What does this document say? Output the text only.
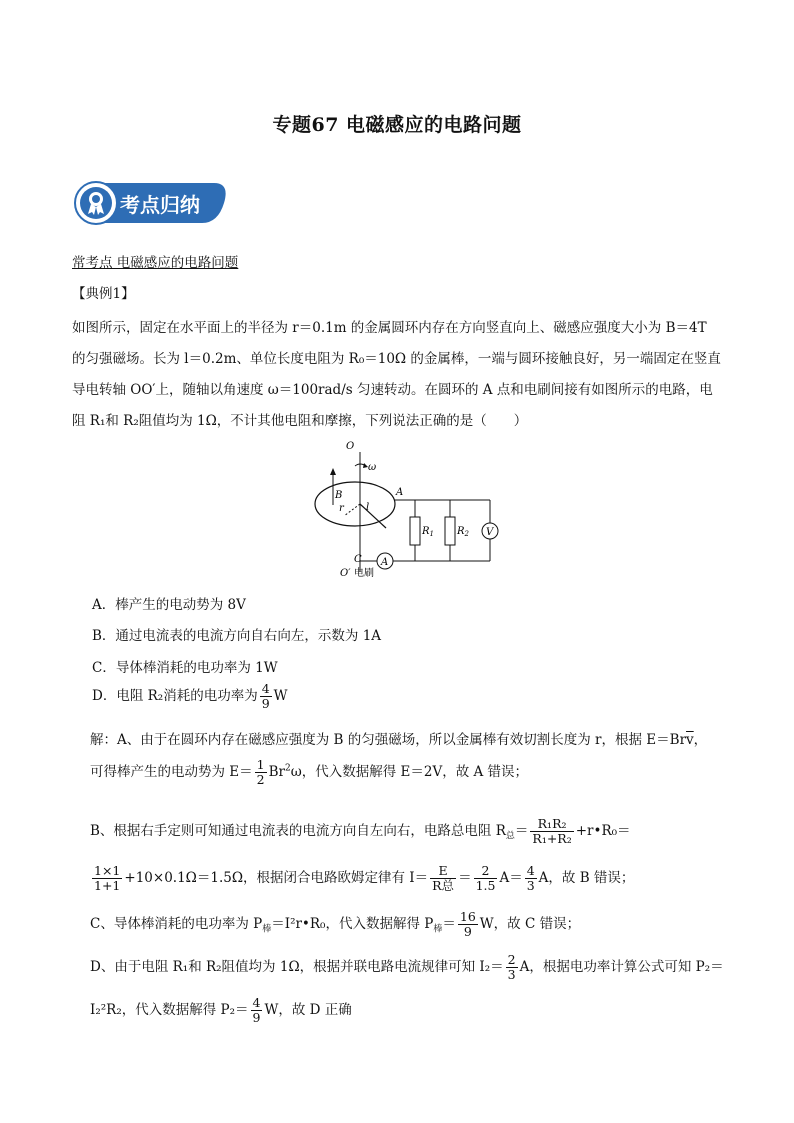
专题67 电磁感应的电路问题
考点归纳
常考点 电磁感应的电路问题
【典例1】
如图所示，固定在水平面上的半径为 r＝0.1m 的金属圆环内存在方向竖直向上、磁感应强度大小为 B＝4T
的匀强磁场。长为 l＝0.2m、单位长度电阻为 R₀＝10Ω 的金属棒，一端与圆环接触良好，另一端固定在竖直
导电转轴 OO′上，随轴以角速度 ω＝100rad/s 匀速转动。在圆环的 A 点和电刷间接有如图所示的电路，电
阻 R₁和 R₂阻值均为 1Ω，不计其他电阻和摩擦，下列说法正确的是（　　）
O
ω
B	A
r l
C
O′ 电刷
A
$R_1$ $R_2$ V
A．棒产生的电动势为 8V
B．通过电流表的电流方向自右向左，示数为 1A
C．导体棒消耗的电功率为 1W
D．电阻 R₂消耗的电功率为 $\frac{4}{9}$ W
解：A、由于在圆环内存在磁感应强度为 B 的匀强磁场，所以金属棒有效切割长度为 r，根据 $E=Br\overline{v}$，
可得棒产生的电动势为 $E= \frac{1}{2} Br^2\omega$，代入数据解得 E＝2V，故 A 错误；
B、根据右手定则可知通过电流表的电流方向自左向右，电路总电阻 $R_总= \frac{\text{R₁R₂}}{\text{R₁+R₂}}$ +r•R₀＝
$\frac{1\times 1}{1+1} +10\times 0.1\Omega=1.5\Omega$，根据闭合电路欧姆定律有 $I= \frac{E}{\text{R总}} = \frac{2}{1.5} A= \frac{4}{3}$ A，故 B 错误；
C、导体棒消耗的电功率为 $P_棒=I^2r•R_0$，代入数据解得 $P_棒= \frac{16}{9}$ W，故 C 错误；
D、由于电阻 R₁和 R₂阻值均为 1Ω，根据并联电路电流规律可知 $I_2= \frac{2}{3}$ A，根据电功率计算公式可知 P₂＝
I₂²R₂，代入数据解得 $P_2= \frac{4}{9}$ W，故 D 正确
